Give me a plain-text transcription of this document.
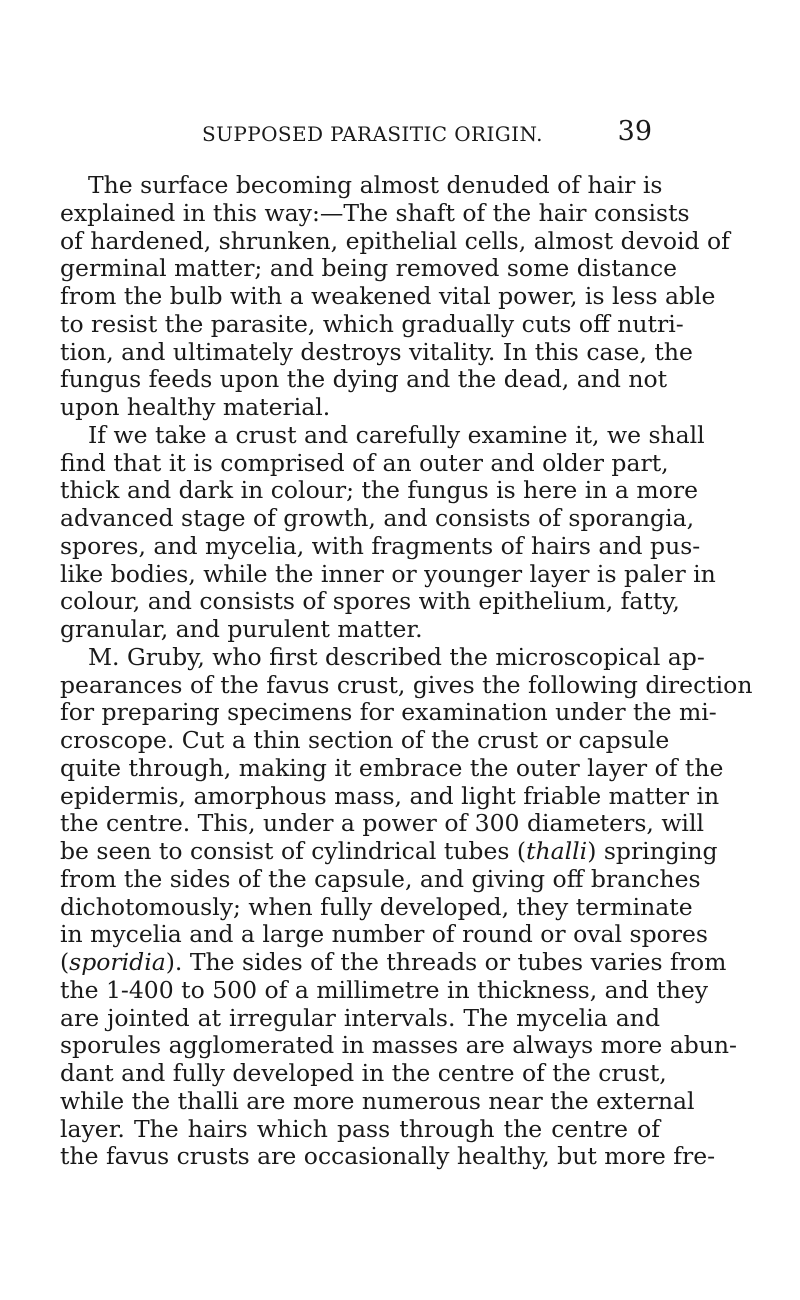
SUPPOSED PARASITIC ORIGIN.	39
The surface becoming almost denuded of hair is
explained in this way:—The shaft of the hair consists
of hardened, shrunken, epithelial cells, almost devoid of
germinal matter; and being removed some distance
from the bulb with a weakened vital power, is less able
to resist the parasite, which gradually cuts off nutri-
tion, and ultimately destroys vitality. In this case, the
fungus feeds upon the dying and the dead, and not
upon healthy material.
If we take a crust and carefully examine it, we shall
find that it is comprised of an outer and older part,
thick and dark in colour; the fungus is here in a more
advanced stage of growth, and consists of sporangia,
spores, and mycelia, with fragments of hairs and pus-
like bodies, while the inner or younger layer is paler in
colour, and consists of spores with epithelium, fatty,
granular, and purulent matter.
M. Gruby, who first described the microscopical ap-
pearances of the favus crust, gives the following direction
for preparing specimens for examination under the mi-
croscope. Cut a thin section of the crust or capsule
quite through, making it embrace the outer layer of the
epidermis, amorphous mass, and light friable matter in
the centre. This, under a power of 300 diameters, will
be seen to consist of cylindrical tubes (thalli) springing
from the sides of the capsule, and giving off branches
dichotomously; when fully developed, they terminate
in mycelia and a large number of round or oval spores
(sporidia). The sides of the threads or tubes varies from
the 1-400 to 500 of a millimetre in thickness, and they
are jointed at irregular intervals. The mycelia and
sporules agglomerated in masses are always more abun-
dant and fully developed in the centre of the crust,
while the thalli are more numerous near the external
layer. The hairs which pass through the centre of
the favus crusts are occasionally healthy, but more fre-
